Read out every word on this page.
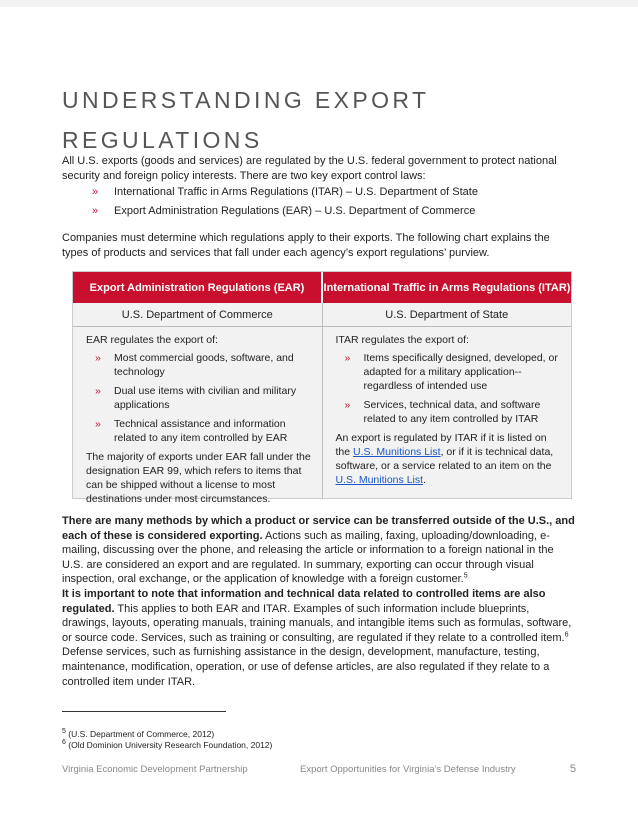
UNDERSTANDING EXPORT REGULATIONS

All U.S. exports (goods and services) are regulated by the U.S. federal government to protect national security and foreign policy interests. There are two key export control laws:

»	International Traffic in Arms Regulations (ITAR) – U.S. Department of State
»	Export Administration Regulations (EAR) – U.S. Department of Commerce

Companies must determine which regulations apply to their exports. The following chart explains the types of products and services that fall under each agency’s export regulations’ purview.

Export Administration Regulations (EAR)	International Traffic in Arms Regulations (ITAR)
U.S. Department of Commerce	U.S. Department of State

EAR regulates the export of:

»	Most commercial goods, software, and technology
»	Dual use items with civilian and military applications
»	Technical assistance and information related to any item controlled by EAR

The majority of exports under EAR fall under the designation EAR 99, which refers to items that can be shipped without a license to most destinations under most circumstances.

ITAR regulates the export of:

»	Items specifically designed, developed, or adapted for a military application--regardless of intended use
»	Services, technical data, and software related to any item controlled by ITAR

An export is regulated by ITAR if it is listed on the U.S. Munitions List, or if it is technical data, software, or a service related to an item on the U.S. Munitions List.

There are many methods by which a product or service can be transferred outside of the U.S., and each of these is considered exporting. Actions such as mailing, faxing, uploading/downloading, e-mailing, discussing over the phone, and releasing the article or information to a foreign national in the U.S. are considered an export and are regulated. In summary, exporting can occur through visual inspection, oral exchange, or the application of knowledge with a foreign customer.$^5$

It is important to note that information and technical data related to controlled items are also regulated. This applies to both EAR and ITAR. Examples of such information include blueprints, drawings, layouts, operating manuals, training manuals, and intangible items such as formulas, software, or source code. Services, such as training or consulting, are regulated if they relate to a controlled item.$^6$ Defense services, such as furnishing assistance in the design, development, manufacture, testing, maintenance, modification, operation, or use of defense articles, are also regulated if they relate to a controlled item under ITAR.

$^5$ (U.S. Department of Commerce, 2012)

$^6$ (Old Dominion University Research Foundation, 2012)

Virginia Economic Development Partnership	Export Opportunities for Virginia’s Defense Industry	5
